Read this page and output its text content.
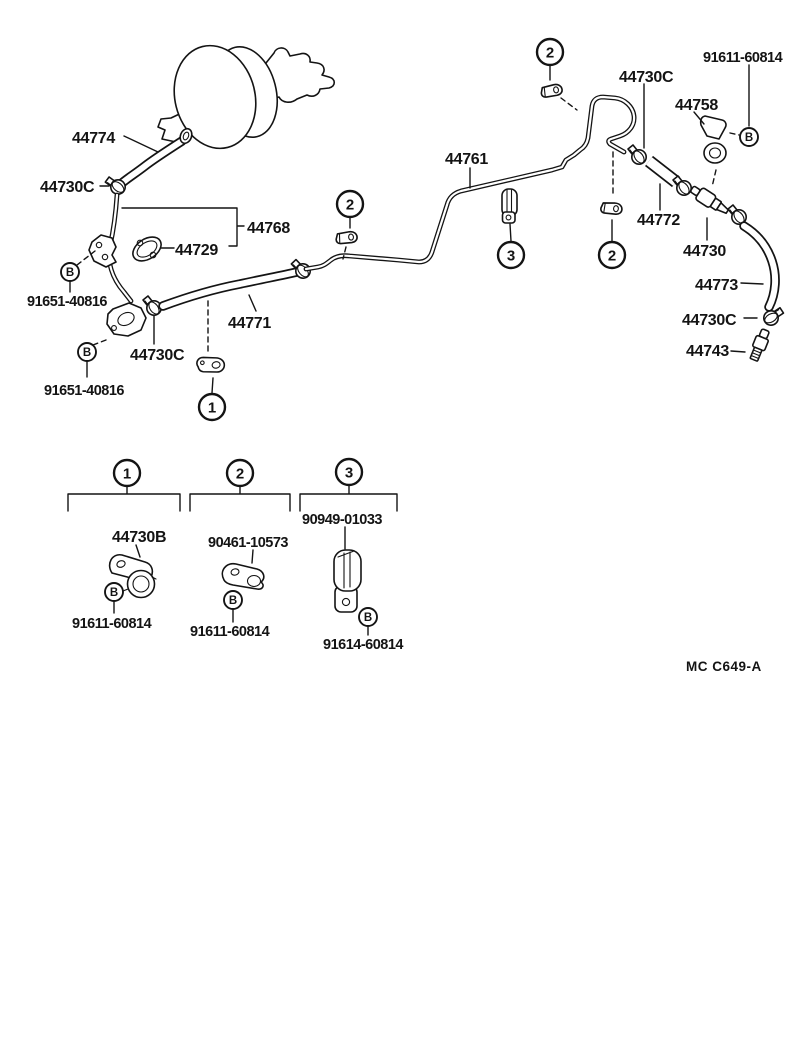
B
B
B
B
B
B
2
2
3	2
1
1	2	3
44774
44730C
44768
44729
91651-40816
44730C
91651-40816
44771
44761
44730C
91611-60814
44758
44772
44730
44773
44730C
44743
44730B	90461-10573
90949-01033
91611-60814	91611-60814
91614-60814
MC C649-A
